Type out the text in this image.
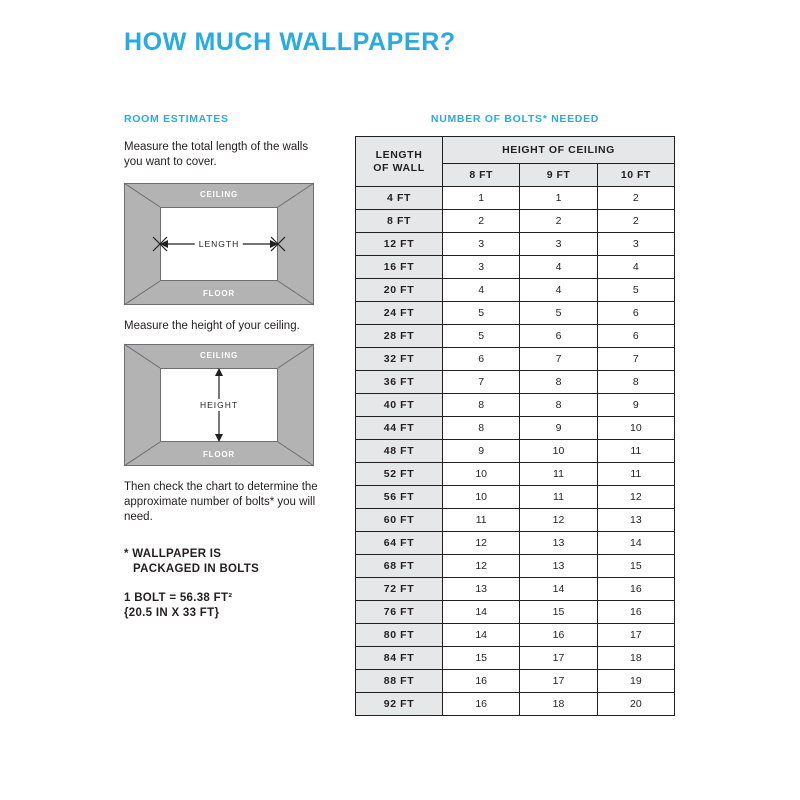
HOW MUCH WALLPAPER?
ROOM ESTIMATES

Measure the total length of the walls you want to cover.

CEILING
FLOOR
LENGTH

Measure the height of your ceiling.

CEILING
FLOOR
HEIGHT

Then check the chart to determine the approximate number of bolts* you will need.

* WALLPAPER IS
PACKAGED IN BOLTS

1 BOLT = 56.38 FT²
{20.5 IN X 33 FT}

NUMBER OF BOLTS* NEEDED
LENGTH
OF WALL	HEIGHT OF CEILING		
	8 FT	9 FT	10 FT
4 FT	1	1	2
8 FT	2	2	2
12 FT	3	3	3
16 FT	3	4	4
20 FT	4	4	5
24 FT	5	5	6
28 FT	5	6	6
32 FT	6	7	7
36 FT	7	8	8
40 FT	8	8	9
44 FT	8	9	10
48 FT	9	10	11
52 FT	10	11	11
56 FT	10	11	12
60 FT	11	12	13
64 FT	12	13	14
68 FT	12	13	15
72 FT	13	14	16
76 FT	14	15	16
80 FT	14	16	17
84 FT	15	17	18
88 FT	16	17	19
92 FT	16	18	20
